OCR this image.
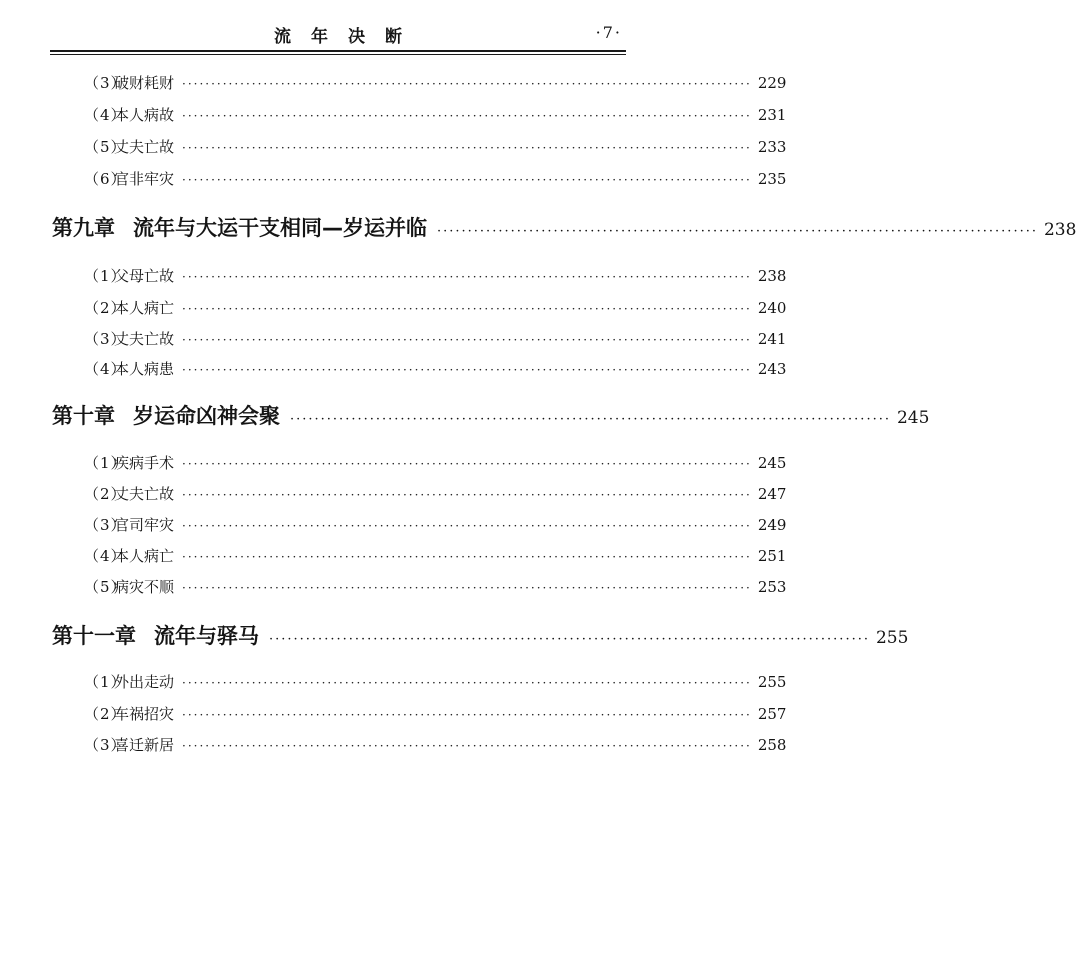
流年决断	·7·
（3）
破财耗财 ·································································································· 229
（4）
本人病故 ·································································································· 231
（5）
丈夫亡故 ·································································································· 233
（6）
官非牢灾 ·································································································· 235
第九章 流年与大运干支相同—岁运并临 ·································································································· 238
（1）
父母亡故 ·································································································· 238
（2）
本人病亡 ·································································································· 240
（3）
丈夫亡故 ·································································································· 241
（4）
本人病患 ·································································································· 243
第十章 岁运命凶神会聚 ·································································································· 245
（1）
疾病手术 ·································································································· 245
（2）
丈夫亡故 ·································································································· 247
（3）
官司牢灾 ·································································································· 249
（4）
本人病亡 ·································································································· 251
（5）
病灾不顺 ·································································································· 253
第十一章 流年与驿马 ·································································································· 255
（1）
外出走动 ·································································································· 255
（2）
车祸招灾 ·································································································· 257
（3）
喜迁新居 ·································································································· 258
